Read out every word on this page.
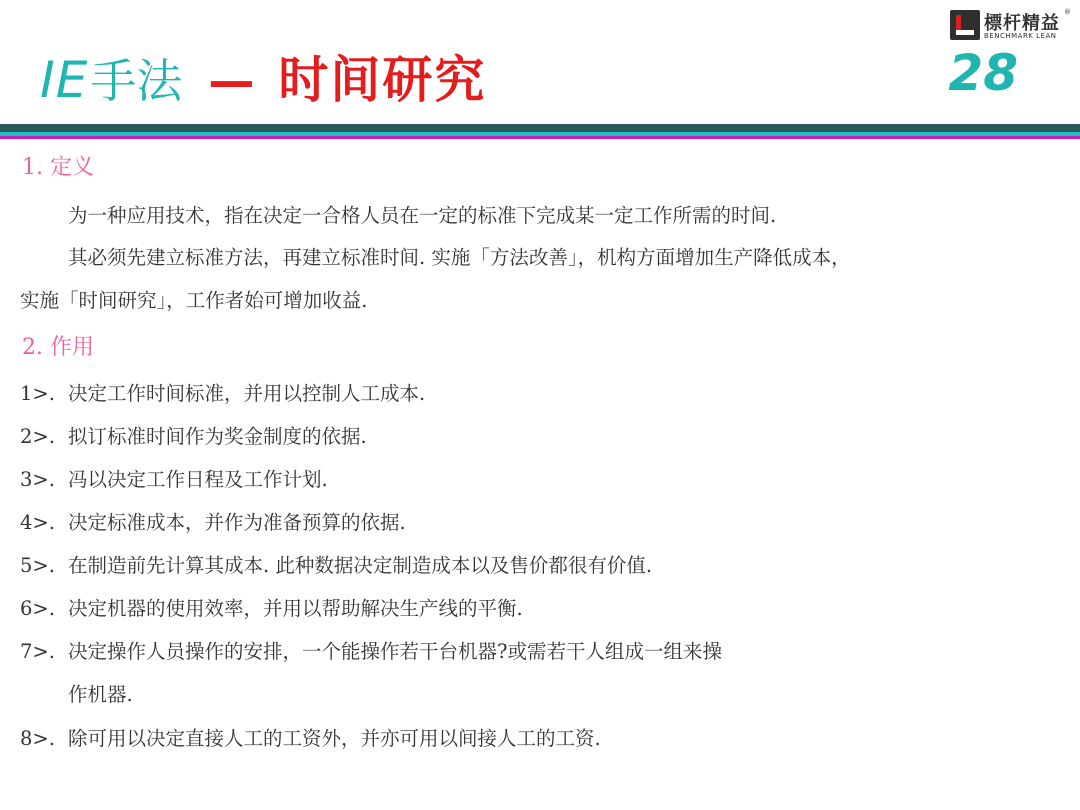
IE 手法 — 时间研究	28
標杆精益
®
BENCHMARK LEAN
1. 定义
为一种应用技术，指在决定一合格人员在一定的标准下完成某一定工作所需的时间.
其必须先建立标准方法，再建立标准时间. 实施「方法改善」，机构方面增加生产降低成本，
实施「时间研究」，工作者始可增加收益.
2. 作用
1>. 决定工作时间标准，并用以控制人工成本.
2>. 拟订标准时间作为奖金制度的依据.
3>. 冯以决定工作日程及工作计划.
4>. 决定标准成本，并作为准备预算的依据.
5>. 在制造前先计算其成本. 此种数据决定制造成本以及售价都很有价值.
6>. 决定机器的使用效率，并用以帮助解决生产线的平衡.
7>. 决定操作人员操作的安排，一个能操作若干台机器?或需若干人组成一组来操
作机器.
8>. 除可用以决定直接人工的工资外，并亦可用以间接人工的工资.
